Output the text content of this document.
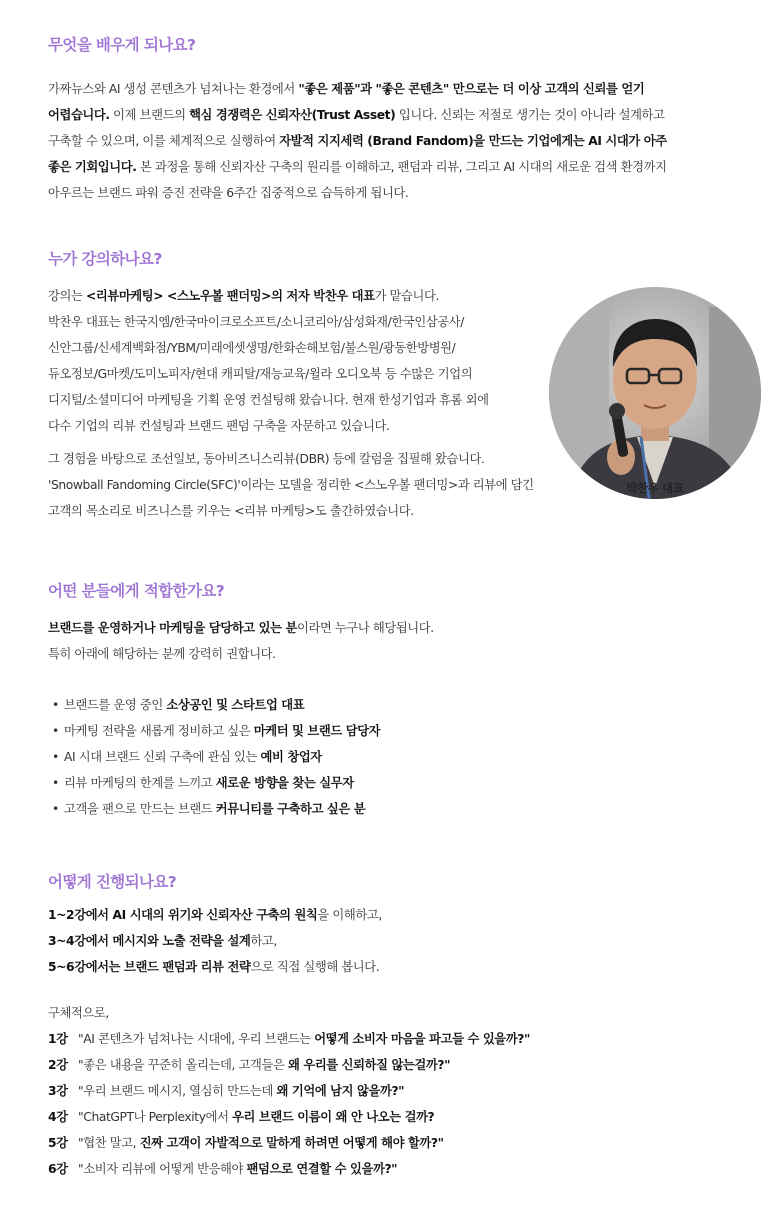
무엇을 배우게 되나요?

가짜뉴스와 AI 생성 콘텐츠가 넘쳐나는 환경에서 "좋은 제품"과 "좋은 콘텐츠" 만으로는 더 이상 고객의 신뢰를 얻기
어렵습니다. 이제 브랜드의 핵심 경쟁력은 신뢰자산(Trust Asset) 입니다. 신뢰는 저절로 생기는 것이 아니라 설계하고
구축할 수 있으며, 이를 체계적으로 실행하여 자발적 지지세력 (Brand Fandom)을 만드는 기업에게는 AI 시대가 아주
좋은 기회입니다. 본 과정을 통해 신뢰자산 구축의 원리를 이해하고, 팬덤과 리뷰, 그리고 AI 시대의 새로운 검색 환경까지
아우르는 브랜드 파워 증진 전략을 6주간 집중적으로 습득하게 됩니다.

누가 강의하나요?

강의는 <리뷰마케팅> <스노우볼 팬더밍>의 저자 박찬우 대표가 맡습니다.
박찬우 대표는 한국지엠/한국마이크로소프트/소니코리아/삼성화재/한국인삼공사/
신안그룹/신세계백화점/YBM/미래에셋생명/한화손해보험/불스원/광동한방병원/
듀오정보/G마켓/도미노피자/현대 캐피탈/재능교육/윌라 오디오북 등 수많은 기업의
디지털/소셜미디어 마케팅을 기획 운영 컨설팅해 왔습니다. 현재 한성기업과 휴롬 외에
다수 기업의 리뷰 컨설팅과 브랜드 팬덤 구축을 자문하고 있습니다.

그 경험을 바탕으로 조선일보, 동아비즈니스리뷰(DBR) 등에 칼럼을 집필해 왔습니다.
'Snowball Fandoming Circle(SFC)'이라는 모델을 정리한 <스노우볼 팬더밍>과 리뷰에 담긴
고객의 목소리로 비즈니스를 키우는 <리뷰 마케팅>도 출간하였습니다.

박찬우 대표
어떤 분들에게 적합한가요?

브랜드를 운영하거나 마케팅을 담당하고 있는 분이라면 누구나 해당됩니다.
특히 아래에 해당하는 분께 강력히 권합니다.

• 브랜드를 운영 중인 소상공인 및 스타트업 대표
• 마케팅 전략을 새롭게 정비하고 싶은 마케터 및 브랜드 담당자
• AI 시대 브랜드 신뢰 구축에 관심 있는 예비 창업자
• 리뷰 마케팅의 한계를 느끼고 새로운 방향을 찾는 실무자
• 고객을 팬으로 만드는 브랜드 커뮤니티를 구축하고 싶은 분
어떻게 진행되나요?

1~2강에서 AI 시대의 위기와 신뢰자산 구축의 원칙을 이해하고,
3~4강에서 메시지와 노출 전략을 설계하고,
5~6강에서는 브랜드 팬덤과 리뷰 전략으로 직접 실행해 봅니다.

구체적으로,

1강 "AI 콘텐츠가 넘쳐나는 시대에, 우리 브랜드는 어떻게 소비자 마음을 파고들 수 있을까?"
2강 "좋은 내용을 꾸준히 올리는데, 고객들은 왜 우리를 신뢰하질 않는걸까?"
3강 "우리 브랜드 메시지, 열심히 만드는데 왜 기억에 남지 않을까?"
4강 "ChatGPT나 Perplexity에서 우리 브랜드 이름이 왜 안 나오는 걸까?
5강 "협찬 말고, 진짜 고객이 자발적으로 말하게 하려면 어떻게 해야 할까?"
6강 "소비자 리뷰에 어떻게 반응해야 팬덤으로 연결할 수 있을까?"
